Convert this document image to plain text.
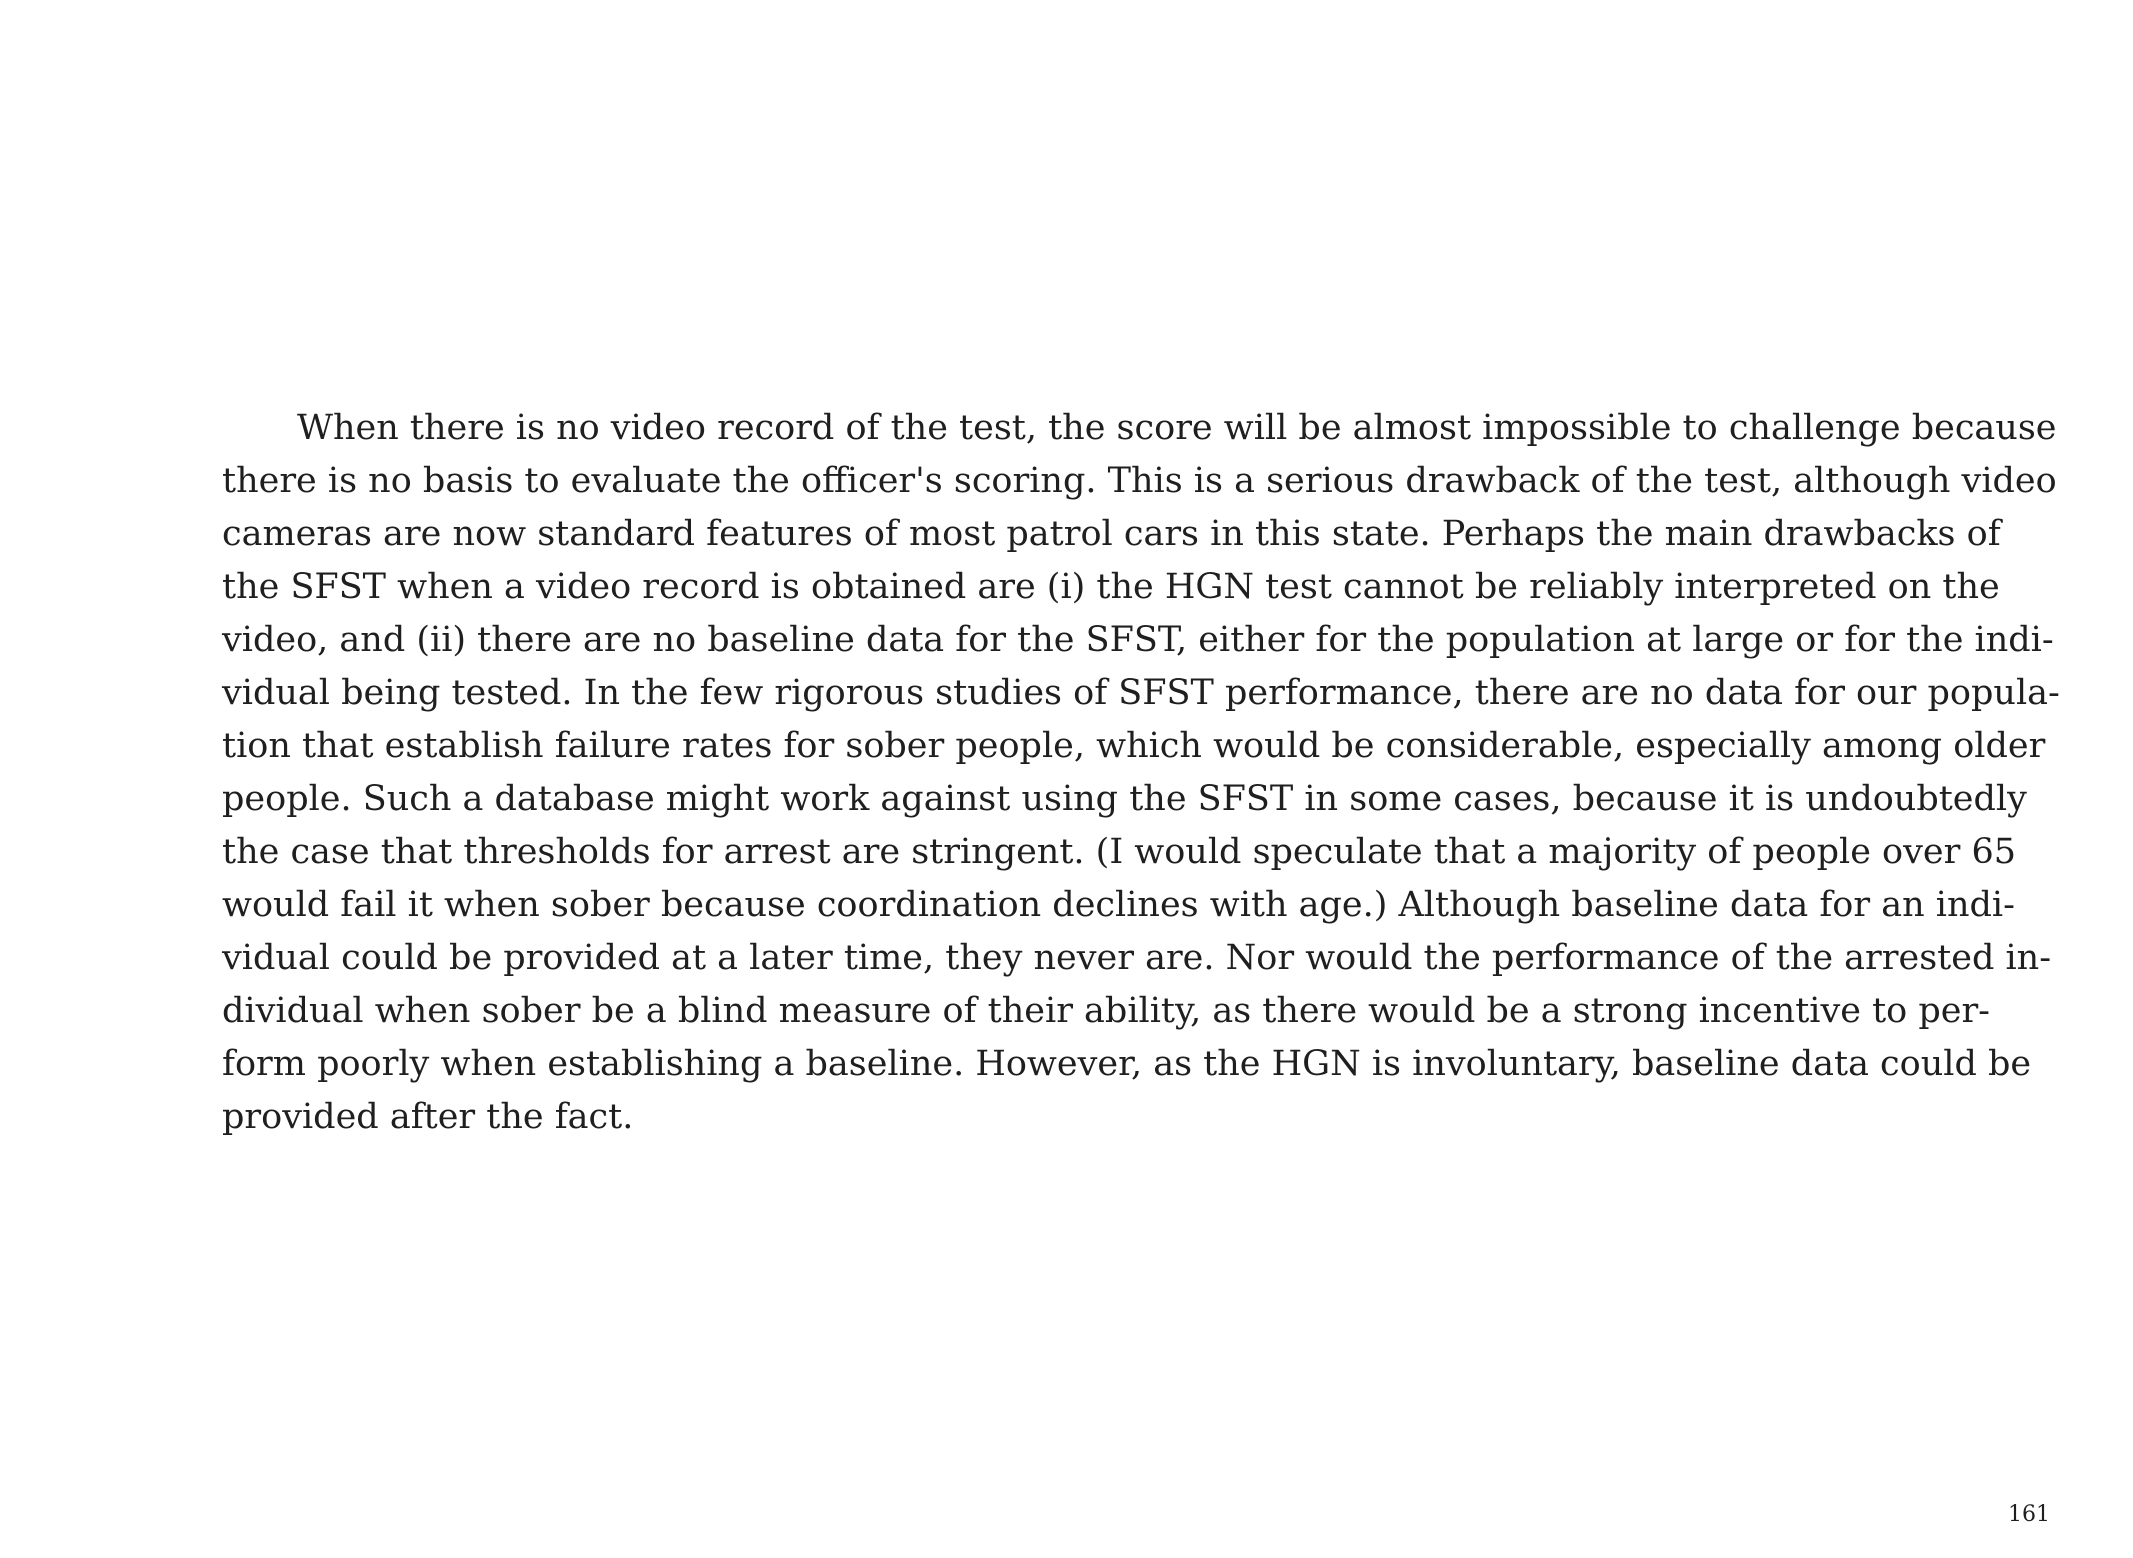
When there is no video record of the test, the score will be almost impossible to challenge because
there is no basis to evaluate the officer's scoring. This is a serious drawback of the test, although video
cameras are now standard features of most patrol cars in this state. Perhaps the main drawbacks of
the SFST when a video record is obtained are (i) the HGN test cannot be reliably interpreted on the
video, and (ii) there are no baseline data for the SFST, either for the population at large or for the indi-
vidual being tested. In the few rigorous studies of SFST performance, there are no data for our popula-
tion that establish failure rates for sober people, which would be considerable, especially among older
people. Such a database might work against using the SFST in some cases, because it is undoubtedly
the case that thresholds for arrest are stringent. (I would speculate that a majority of people over 65
would fail it when sober because coordination declines with age.) Although baseline data for an indi-
vidual could be provided at a later time, they never are. Nor would the performance of the arrested in-
dividual when sober be a blind measure of their ability, as there would be a strong incentive to per-
form poorly when establishing a baseline. However, as the HGN is involuntary, baseline data could be
provided after the fact.

161
